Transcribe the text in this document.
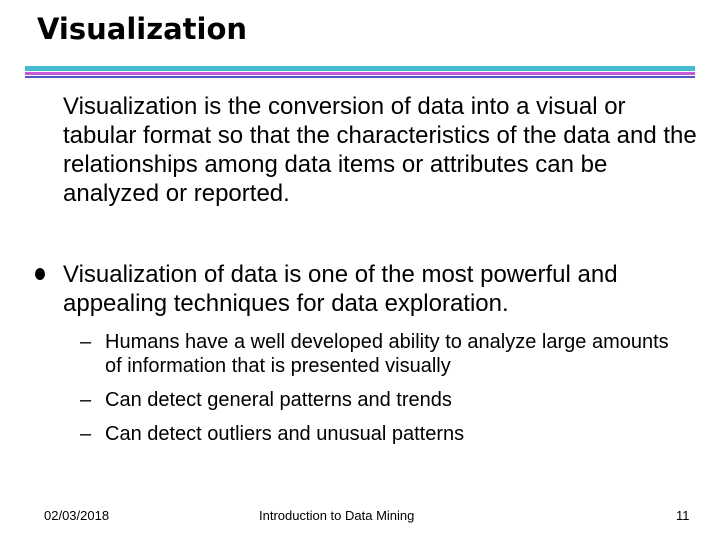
Visualization

Visualization is the conversion of data into a visual or tabular format so that the characteristics of the data and the relationships among data items or attributes can be analyzed or reported.

Visualization of data is one of the most powerful and appealing techniques for data exploration.

– Humans have a well developed ability to analyze large amounts of information that is presented visually
– Can detect general patterns and trends
– Can detect outliers and unusual patterns
02/03/2018	Introduction to Data Mining	11
